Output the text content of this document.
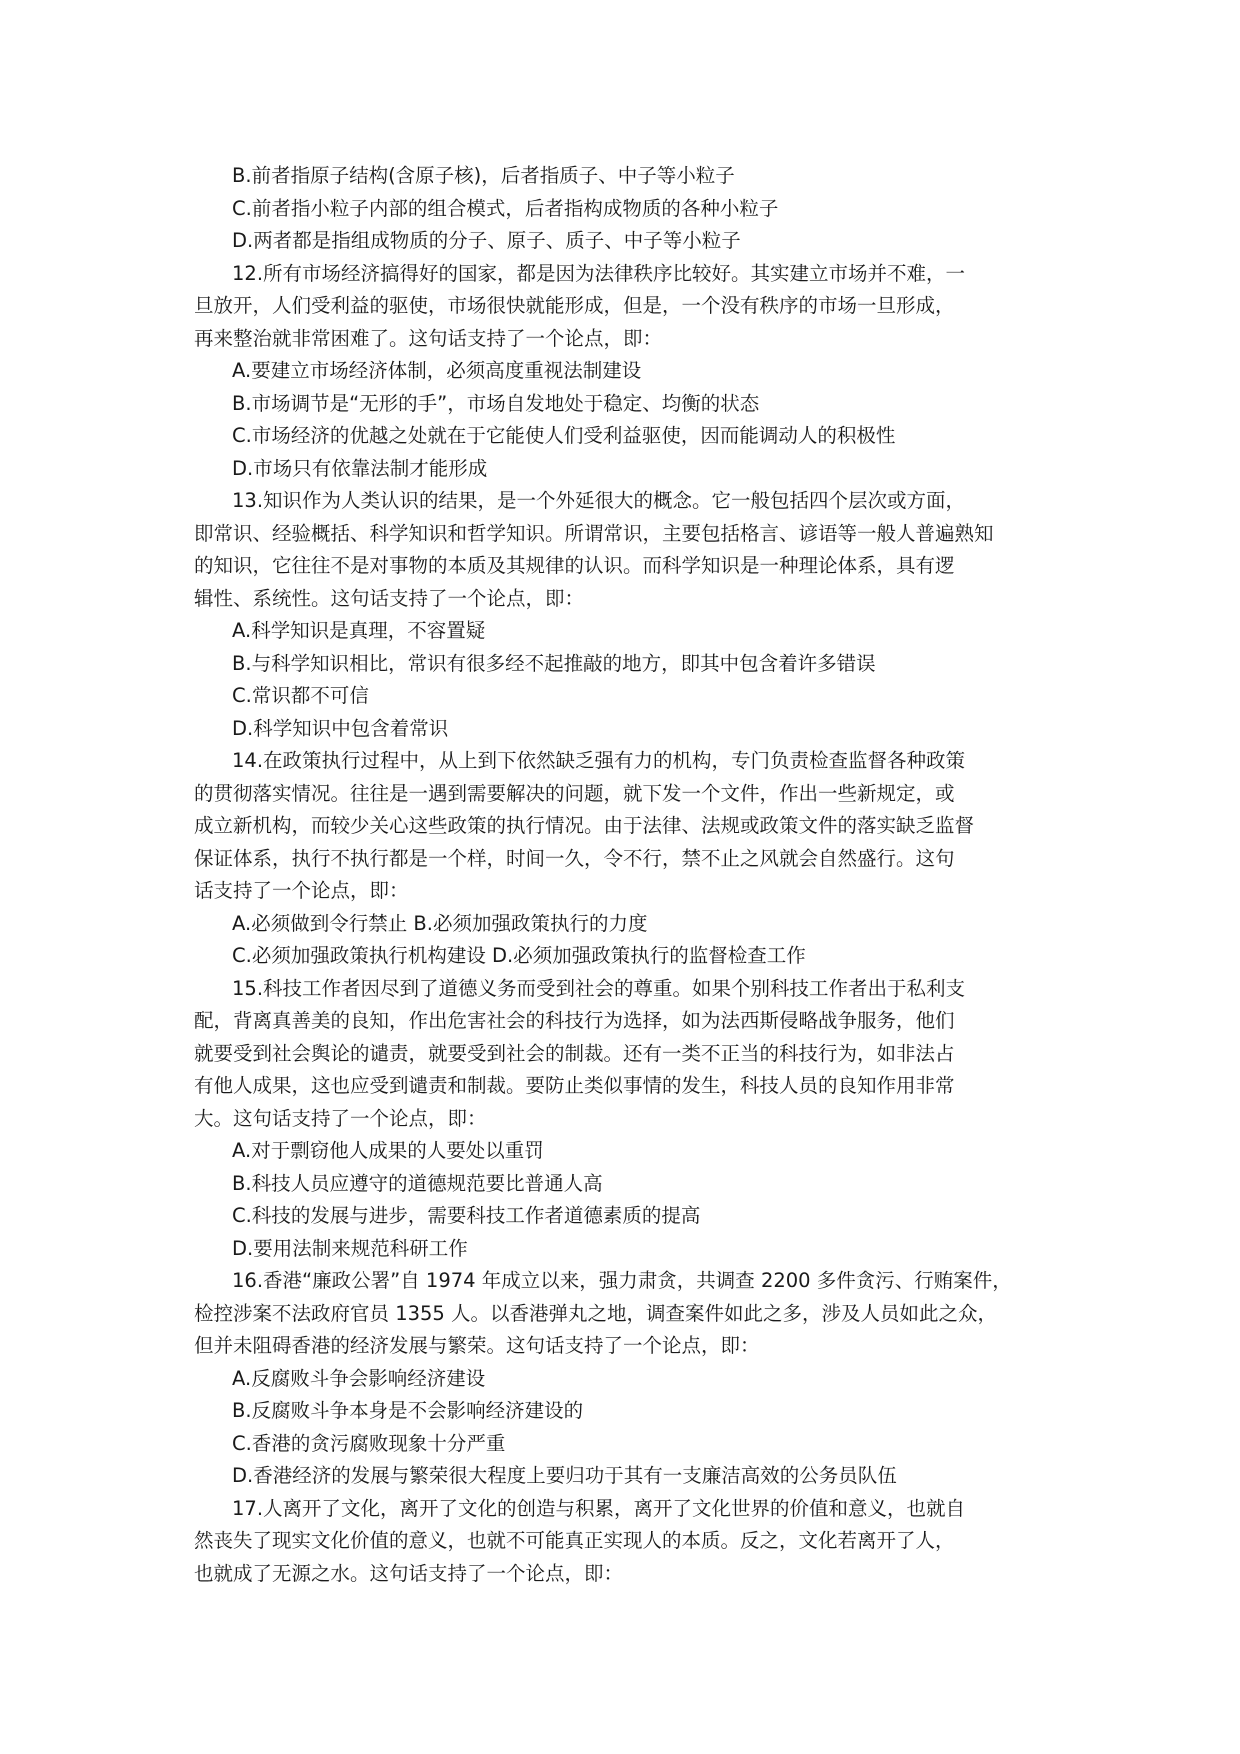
B.前者指原子结构(含原子核)，后者指质子、中子等小粒子
C.前者指小粒子内部的组合模式，后者指构成物质的各种小粒子
D.两者都是指组成物质的分子、原子、质子、中子等小粒子
12.所有市场经济搞得好的国家，都是因为法律秩序比较好。其实建立市场并不难，一
旦放开，人们受利益的驱使，市场很快就能形成，但是，一个没有秩序的市场一旦形成，
再来整治就非常困难了。这句话支持了一个论点，即：
A.要建立市场经济体制，必须高度重视法制建设
B.市场调节是“无形的手”，市场自发地处于稳定、均衡的状态
C.市场经济的优越之处就在于它能使人们受利益驱使，因而能调动人的积极性
D.市场只有依靠法制才能形成
13.知识作为人类认识的结果，是一个外延很大的概念。它一般包括四个层次或方面，
即常识、经验概括、科学知识和哲学知识。所谓常识，主要包括格言、谚语等一般人普遍熟知
的知识，它往往不是对事物的本质及其规律的认识。而科学知识是一种理论体系，具有逻
辑性、系统性。这句话支持了一个论点，即：
A.科学知识是真理，不容置疑
B.与科学知识相比，常识有很多经不起推敲的地方，即其中包含着许多错误
C.常识都不可信
D.科学知识中包含着常识
14.在政策执行过程中，从上到下依然缺乏强有力的机构，专门负责检查监督各种政策
的贯彻落实情况。往往是一遇到需要解决的问题，就下发一个文件，作出一些新规定，或
成立新机构，而较少关心这些政策的执行情况。由于法律、法规或政策文件的落实缺乏监督
保证体系，执行不执行都是一个样，时间一久，令不行，禁不止之风就会自然盛行。这句
话支持了一个论点，即：
A.必须做到令行禁止 B.必须加强政策执行的力度
C.必须加强政策执行机构建设 D.必须加强政策执行的监督检查工作
15.科技工作者因尽到了道德义务而受到社会的尊重。如果个别科技工作者出于私利支
配，背离真善美的良知，作出危害社会的科技行为选择，如为法西斯侵略战争服务，他们
就要受到社会舆论的谴责，就要受到社会的制裁。还有一类不正当的科技行为，如非法占
有他人成果，这也应受到谴责和制裁。要防止类似事情的发生，科技人员的良知作用非常
大。这句话支持了一个论点，即：
A.对于剽窃他人成果的人要处以重罚
B.科技人员应遵守的道德规范要比普通人高
C.科技的发展与进步，需要科技工作者道德素质的提高
D.要用法制来规范科研工作
16.香港“廉政公署”自 1974 年成立以来，强力肃贪，共调查 2200 多件贪污、行贿案件，
检控涉案不法政府官员 1355 人。以香港弹丸之地，调查案件如此之多，涉及人员如此之众，
但并未阻碍香港的经济发展与繁荣。这句话支持了一个论点，即：
A.反腐败斗争会影响经济建设
B.反腐败斗争本身是不会影响经济建设的
C.香港的贪污腐败现象十分严重
D.香港经济的发展与繁荣很大程度上要归功于其有一支廉洁高效的公务员队伍
17.人离开了文化，离开了文化的创造与积累，离开了文化世界的价值和意义，也就自
然丧失了现实文化价值的意义，也就不可能真正实现人的本质。反之，文化若离开了人，
也就成了无源之水。这句话支持了一个论点，即：
